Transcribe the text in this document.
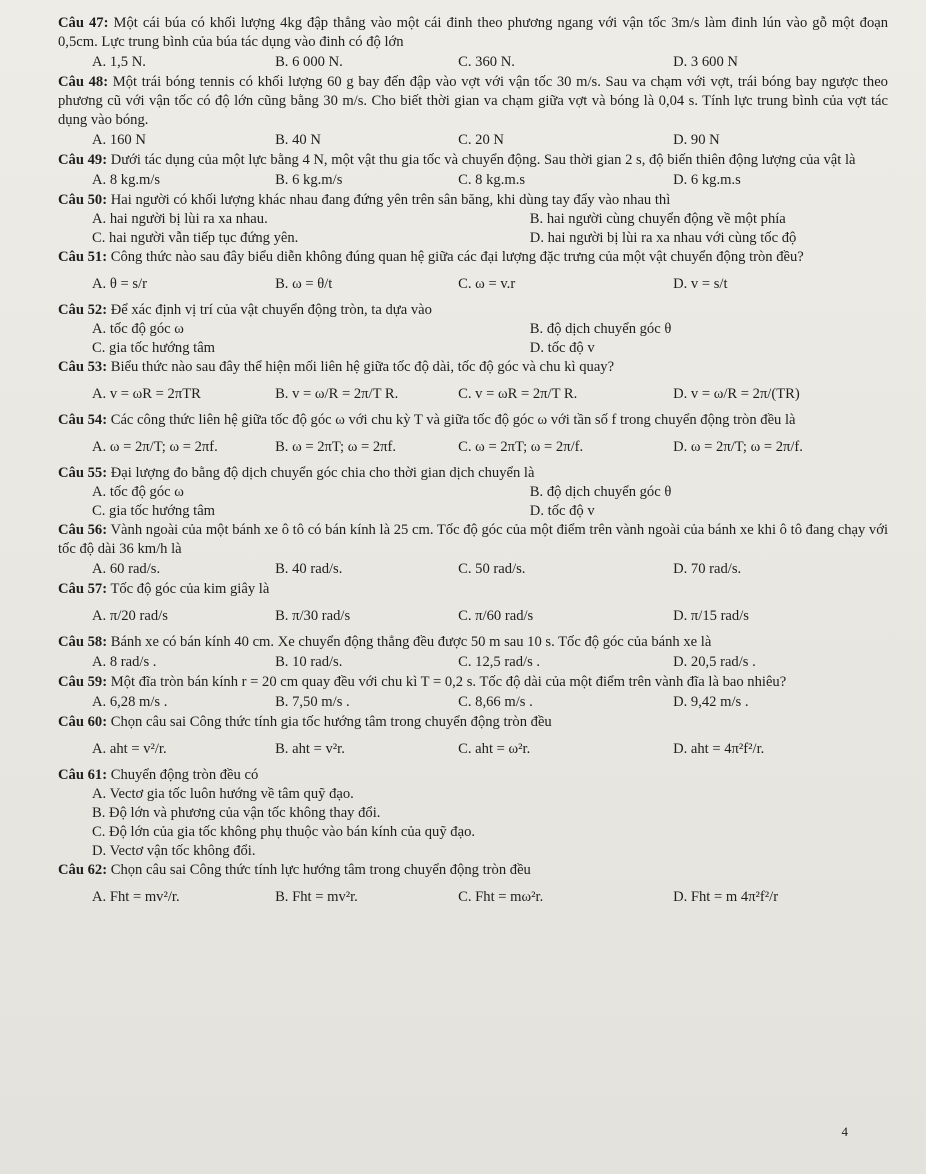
Câu 47: Một cái búa có khối lượng 4kg đập thẳng vào một cái đinh theo phương ngang với vận tốc 3m/s làm đinh lún vào gỗ một đoạn 0,5cm. Lực trung bình của búa tác dụng vào đinh có độ lớn
A. 1,5 N.	B. 6 000 N.	C. 360 N.	D. 3 600 N
Câu 48: Một trái bóng tennis có khối lượng 60 g bay đến đập vào vợt với vận tốc 30 m/s. Sau va chạm với vợt, trái bóng bay ngược theo phương cũ với vận tốc có độ lớn cũng bằng 30 m/s. Cho biết thời gian va chạm giữa vợt và bóng là 0,04 s. Tính lực trung bình của vợt tác dụng vào bóng.
A. 160 N	B. 40 N	C. 20 N	D. 90 N
Câu 49: Dưới tác dụng của một lực bằng 4 N, một vật thu gia tốc và chuyển động. Sau thời gian 2 s, độ biến thiên động lượng của vật là
A. 8 kg.m/s	B. 6 kg.m/s	C. 8 kg.m.s	D. 6 kg.m.s
Câu 50: Hai người có khối lượng khác nhau đang đứng yên trên sân băng, khi dùng tay đẩy vào nhau thì
A. hai người bị lùi ra xa nhau.	B. hai người cùng chuyển động về một phía
C. hai người vẫn tiếp tục đứng yên.	D. hai người bị lùi ra xa nhau với cùng tốc độ
Câu 51: Công thức nào sau đây biểu diễn không đúng quan hệ giữa các đại lượng đặc trưng của một vật chuyển động tròn đều?
A. θ = s/r	B. ω = θ/t	C. ω = v.r	D. v = s/t
Câu 52: Để xác định vị trí của vật chuyển động tròn, ta dựa vào
A. tốc độ góc ω	B. độ dịch chuyển góc θ
C. gia tốc hướng tâm	D. tốc độ v
Câu 53: Biểu thức nào sau đây thể hiện mối liên hệ giữa tốc độ dài, tốc độ góc và chu kì quay?
A. v = ωR = 2πTR	B. v = ω/R = 2π/T R.	C. v = ωR = 2π/T R.	D. v = ω/R = 2π/(TR)
Câu 54: Các công thức liên hệ giữa tốc độ góc ω với chu kỳ T và giữa tốc độ góc ω với tần số f trong chuyển động tròn đều là
A. ω = 2π/T; ω = 2πf.	B. ω = 2πT; ω = 2πf.	C. ω = 2πT; ω = 2π/f.	D. ω = 2π/T; ω = 2π/f.
Câu 55: Đại lượng đo bằng độ dịch chuyển góc chia cho thời gian dịch chuyển là
A. tốc độ góc ω	B. độ dịch chuyển góc θ
C. gia tốc hướng tâm	D. tốc độ v
Câu 56: Vành ngoài của một bánh xe ô tô có bán kính là 25 cm. Tốc độ góc của một điểm trên vành ngoài của bánh xe khi ô tô đang chạy với tốc độ dài 36 km/h là
A. 60 rad/s.	B. 40 rad/s.	C. 50 rad/s.	D. 70 rad/s.
Câu 57: Tốc độ góc của kim giây là
A. π/20 rad/s	B. π/30 rad/s	C. π/60 rad/s	D. π/15 rad/s
Câu 58: Bánh xe có bán kính 40 cm. Xe chuyển động thẳng đều được 50 m sau 10 s. Tốc độ góc của bánh xe là
A. 8 rad/s .	B. 10 rad/s.	C. 12,5 rad/s .	D. 20,5 rad/s .
Câu 59: Một đĩa tròn bán kính r = 20 cm quay đều với chu kì T = 0,2 s. Tốc độ dài của một điểm trên vành đĩa là bao nhiêu?
A. 6,28 m/s .	B. 7,50 m/s .	C. 8,66 m/s .	D. 9,42 m/s .
Câu 60: Chọn câu sai Công thức tính gia tốc hướng tâm trong chuyển động tròn đều
A. aht = v²/r.	B. aht = v²r.	C. aht = ω²r.	D. aht = 4π²f²/r.
Câu 61: Chuyển động tròn đều có
A. Vectơ gia tốc luôn hướng về tâm quỹ đạo.
B. Độ lớn và phương của vận tốc không thay đổi.
C. Độ lớn của gia tốc không phụ thuộc vào bán kính của quỹ đạo.
D. Vectơ vận tốc không đổi.
Câu 62: Chọn câu sai Công thức tính lực hướng tâm trong chuyển động tròn đều
A. Fht = mv²/r.	B. Fht = mv²r.	C. Fht = mω²r.	D. Fht = m 4π²f²/r
4
